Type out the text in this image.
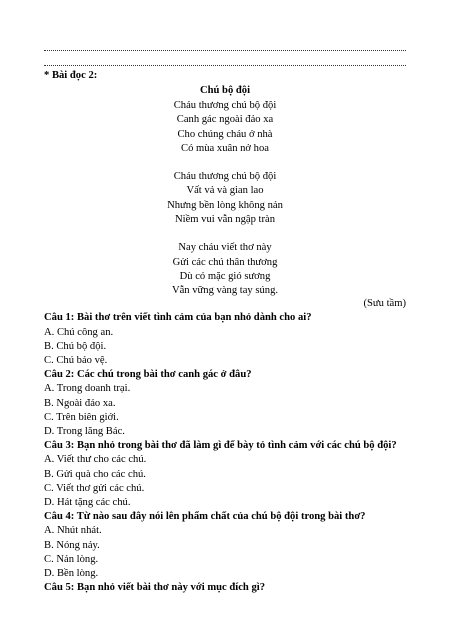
* Bài đọc 2:
Chú bộ đội
Cháu thương chú bộ đội
Canh gác ngoài đảo xa
Cho chúng cháu ở nhà
Có mùa xuân nở hoa
Cháu thương chú bộ đội
Vất vả và gian lao
Nhưng bền lòng không nản
Niềm vui vẫn ngập tràn
Nay cháu viết thơ này
Gửi các chú thân thương
Dù có mặc gió sương
Vẫn vững vàng tay súng.
(Sưu tầm)
Câu 1: Bài thơ trên viết tình cảm của bạn nhỏ dành cho ai?
A. Chú công an.
B. Chú bộ đội.
C. Chú bảo vệ.
Câu 2: Các chú trong bài thơ canh gác ở đâu?
A. Trong doanh trại.
B. Ngoài đảo xa.
C. Trên biên giới.
D. Trong lăng Bác.
Câu 3: Bạn nhỏ trong bài thơ đã làm gì để bày tỏ tình cảm với các chú bộ đội?
A. Viết thư cho các chú.
B. Gửi quà cho các chú.
C. Viết thơ gửi các chú.
D. Hát tặng các chú.
Câu 4: Từ nào sau đây nói lên phẩm chất của chú bộ đội trong bài thơ?
A. Nhút nhát.
B. Nóng nảy.
C. Nản lòng.
D. Bền lòng.
Câu 5: Bạn nhỏ viết bài thơ này với mục đích gì?
